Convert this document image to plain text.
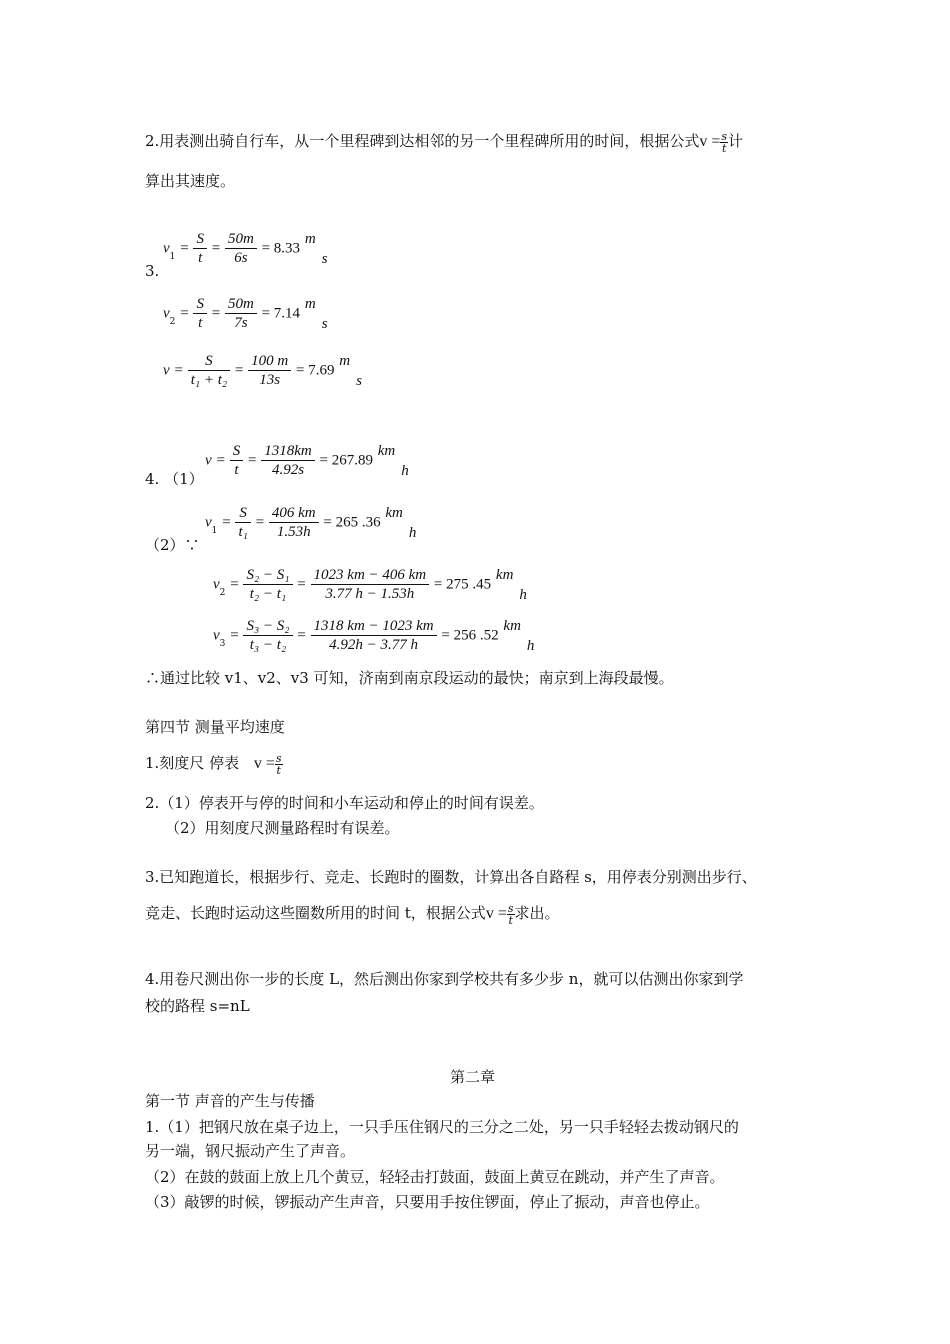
2.用表测出骑自行车，从一个里程碑到达相邻的另一个里程碑所用的时间，根据公式$v = \frac{s}{t}$ 计
算出其速度。
3.
$v_1 = \frac{S}{t} = \frac{50m}{6s} = 8.33$ ms
$v_2 = \frac{S}{t} = \frac{50m}{7s} = 7.14$ ms
$v = \frac{S}{\text{t₁ + t₂}} = \frac{100 m}{13s} = 7.69$ ms
4. （1）
$v = \frac{S}{t} = \frac{1318km}{4.92s} = 267.89$ kmh
（2）∵
$v_1 = \frac{S}{\text{t₁}} = \frac{406 km}{1.53h} = 265$ .36 kmh
$v_2 = \frac{\text{S₂ − S₁}}{\text{t₂ − t₁}} = \frac{1023 km - 406 km}{3.77 h - 1.53h} = 275$ .45 kmh
$v_3 = \frac{\text{S₃ − S₂}}{\text{t₃ − t₂}} = \frac{1318 km - 1023 km}{4.92h - 3.77 h} = 256$ .52 kmh
∴通过比较 v1、v2、v3 可知，济南到南京段运动的最快；南京到上海段最慢。
第四节 测量平均速度
1.刻度尺 停表 $v = \frac{s}{t}$
2.（1）停表开与停的时间和小车运动和停止的时间有误差。
（2）用刻度尺测量路程时有误差。
3.已知跑道长，根据步行、竞走、长跑时的圈数，计算出各自路程 s，用停表分别测出步行、
竞走、长跑时运动这些圈数所用的时间 t，根据公式$v = \frac{s}{t}$ 求出。
4.用卷尺测出你一步的长度 L，然后测出你家到学校共有多少步 n，就可以估测出你家到学
校的路程 s=nL
第二章
第一节 声音的产生与传播
1.（1）把钢尺放在桌子边上，一只手压住钢尺的三分之二处，另一只手轻轻去拨动钢尺的
另一端，钢尺振动产生了声音。
（2）在鼓的鼓面上放上几个黄豆，轻轻击打鼓面，鼓面上黄豆在跳动，并产生了声音。
（3）敲锣的时候，锣振动产生声音，只要用手按住锣面，停止了振动，声音也停止。
